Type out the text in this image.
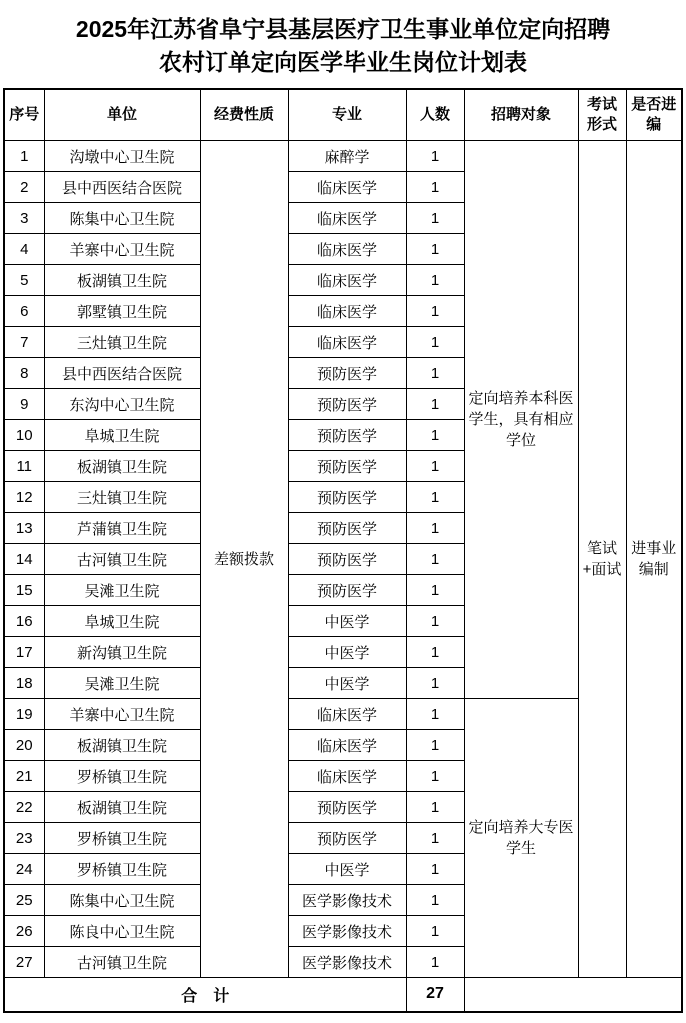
2025年江苏省阜宁县基层医疗卫生事业单位定向招聘
农村订单定向医学毕业生岗位计划表
序号	单位	经费性质	专业	人数	招聘对象	考试形式	是否进编
1	沟墩中心卫生院	差额拨款	麻醉学	1	定向培养本科医学生，具有相应学位	笔试+面试	进事业编制
2	县中西医结合医院		临床医学	1			
3	陈集中心卫生院		临床医学	1			
4	羊寨中心卫生院		临床医学	1			
5	板湖镇卫生院		临床医学	1			
6	郭墅镇卫生院		临床医学	1			
7	三灶镇卫生院		临床医学	1			
8	县中西医结合医院		预防医学	1			
9	东沟中心卫生院		预防医学	1			
10	阜城卫生院		预防医学	1			
11	板湖镇卫生院		预防医学	1			
12	三灶镇卫生院		预防医学	1			
13	芦蒲镇卫生院		预防医学	1			
14	古河镇卫生院		预防医学	1			
15	吴滩卫生院		预防医学	1			
16	阜城卫生院		中医学	1			
17	新沟镇卫生院		中医学	1			
18	吴滩卫生院		中医学	1			
19	羊寨中心卫生院		临床医学	1	定向培养大专医学生		
20	板湖镇卫生院		临床医学	1			
21	罗桥镇卫生院		临床医学	1			
22	板湖镇卫生院		预防医学	1			
23	罗桥镇卫生院		预防医学	1			
24	罗桥镇卫生院		中医学	1			
25	陈集中心卫生院		医学影像技术	1			
26	陈良中心卫生院		医学影像技术	1			
27	古河镇卫生院		医学影像技术	1			
合　计				27			
